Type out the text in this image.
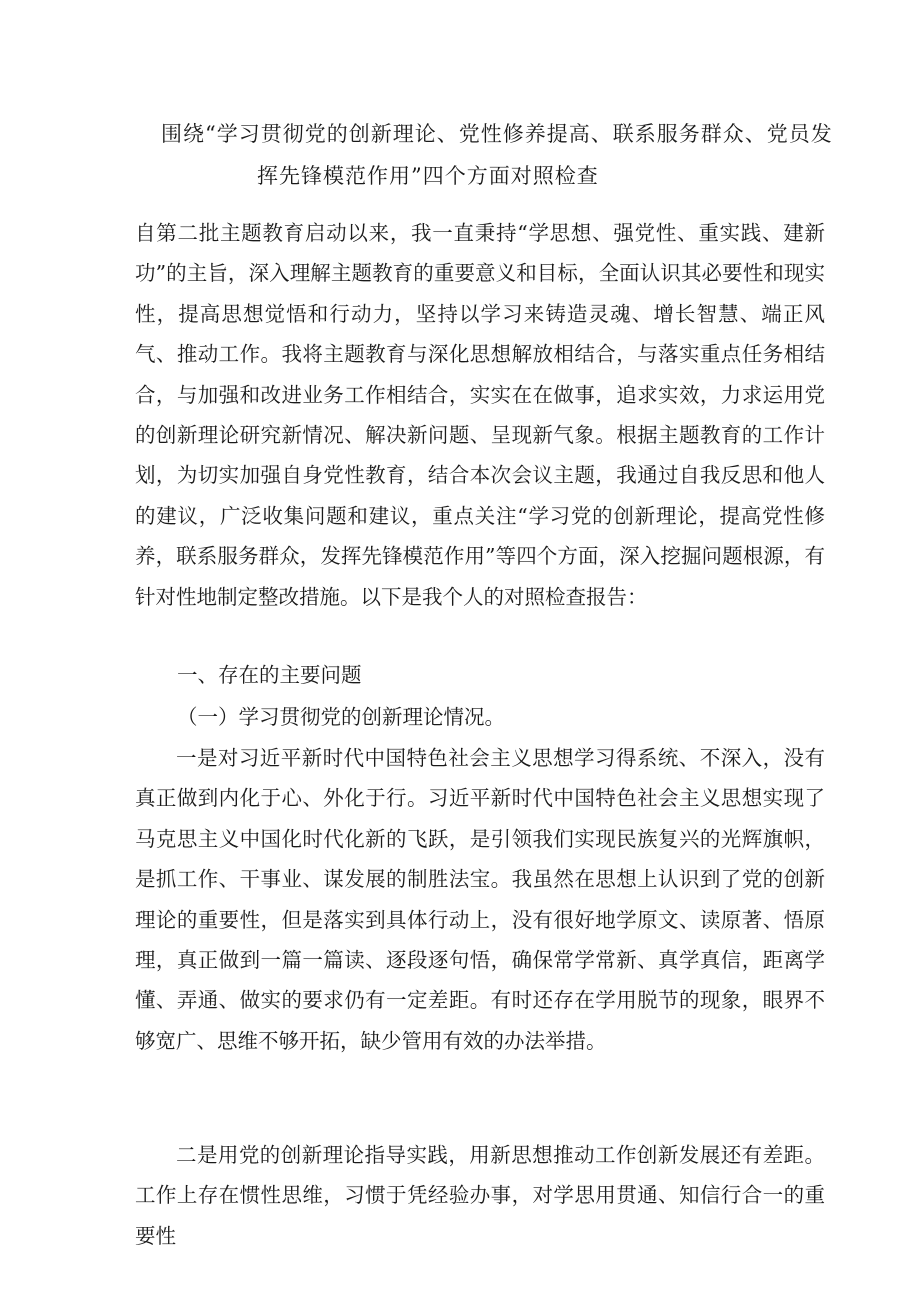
围绕“学习贯彻党的创新理论、党性修养提高、联系服务群众、党员发
挥先锋模范作用”四个方面对照检查

自第二批主题教育启动以来，我一直秉持“学思想、强党性、重实践、建新功”的主旨，深入理解主题教育的重要意义和目标，全面认识其必要性和现实性，提高思想觉悟和行动力，坚持以学习来铸造灵魂、增长智慧、端正风气、推动工作。我将主题教育与深化思想解放相结合，与落实重点任务相结合，与加强和改进业务工作相结合，实实在在做事，追求实效，力求运用党的创新理论研究新情况、解决新问题、呈现新气象。根据主题教育的工作计划，为切实加强自身党性教育，结合本次会议主题，我通过自我反思和他人的建议，广泛收集问题和建议，重点关注“学习党的创新理论，提高党性修养，联系服务群众，发挥先锋模范作用”等四个方面，深入挖掘问题根源，有针对性地制定整改措施。以下是我个人的对照检查报告：

一、存在的主要问题

（一）学习贯彻党的创新理论情况。

一是对习近平新时代中国特色社会主义思想学习得系统、不深入，没有真正做到内化于心、外化于行。习近平新时代中国特色社会主义思想实现了马克思主义中国化时代化新的飞跃，是引领我们实现民族复兴的光辉旗帜，是抓工作、干事业、谋发展的制胜法宝。我虽然在思想上认识到了党的创新理论的重要性，但是落实到具体行动上，没有很好地学原文、读原著、悟原理，真正做到一篇一篇读、逐段逐句悟，确保常学常新、真学真信，距离学懂、弄通、做实的要求仍有一定差距。有时还存在学用脱节的现象，眼界不够宽广、思维不够开拓，缺少管用有效的办法举措。

二是用党的创新理论指导实践，用新思想推动工作创新发展还有差距。工作上存在惯性思维，习惯于凭经验办事，对学思用贯通、知信行合一的重要性
